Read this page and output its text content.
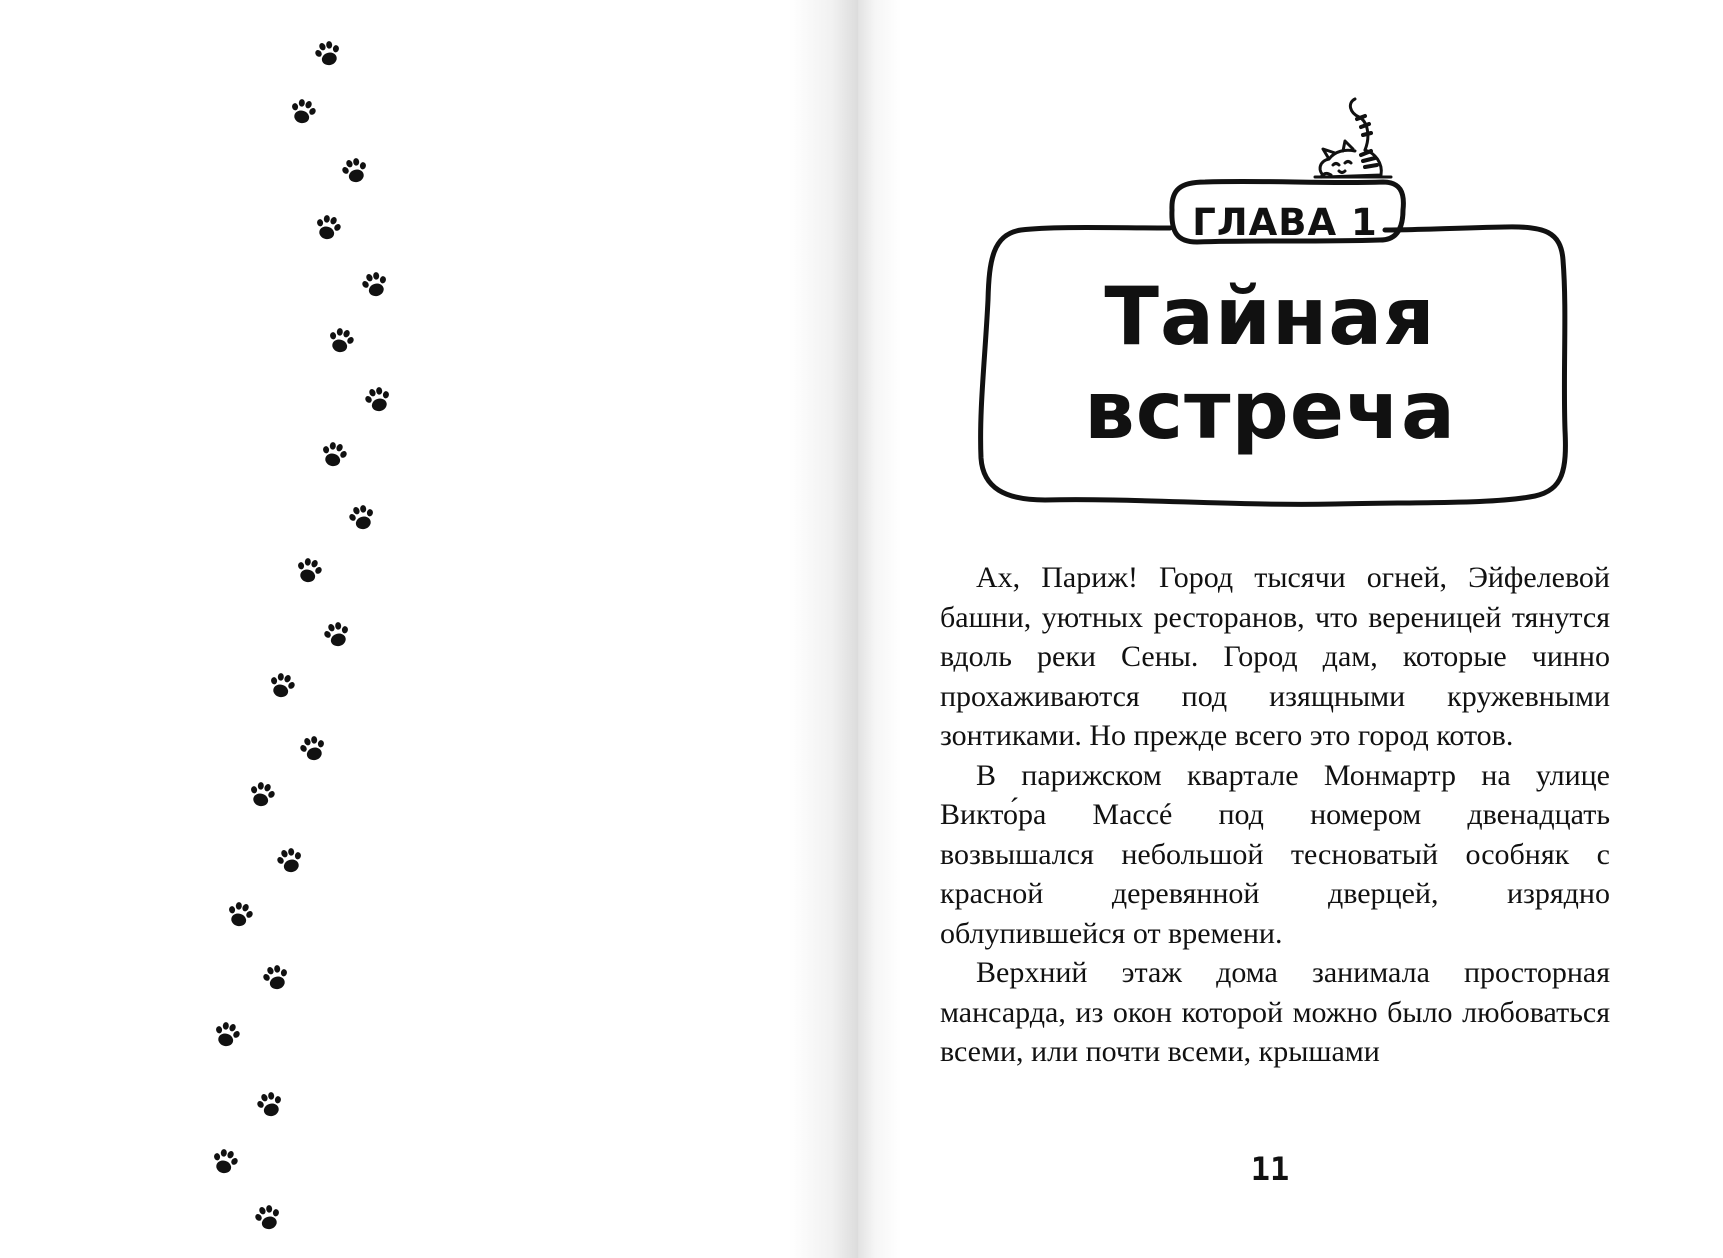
ГЛАВА 1
Тайная
встреча

Ах, Париж! Город тысячи огней, Эйфелевой башни, уютных ресторанов, что вереницей тянутся вдоль реки Сены. Город дам, которые чинно прохаживаются под изящными кружевными зонтиками. Но прежде всего это город котов.

В парижском квартале Монмартр на улице Викто́ра Массé под номером двенадцать возвышался небольшой тесноватый особняк с красной деревянной дверцей, изрядно облупившейся от времени.

Верхний этаж дома занимала просторная мансарда, из окон которой можно было любоваться всеми, или почти всеми, крышами

11
